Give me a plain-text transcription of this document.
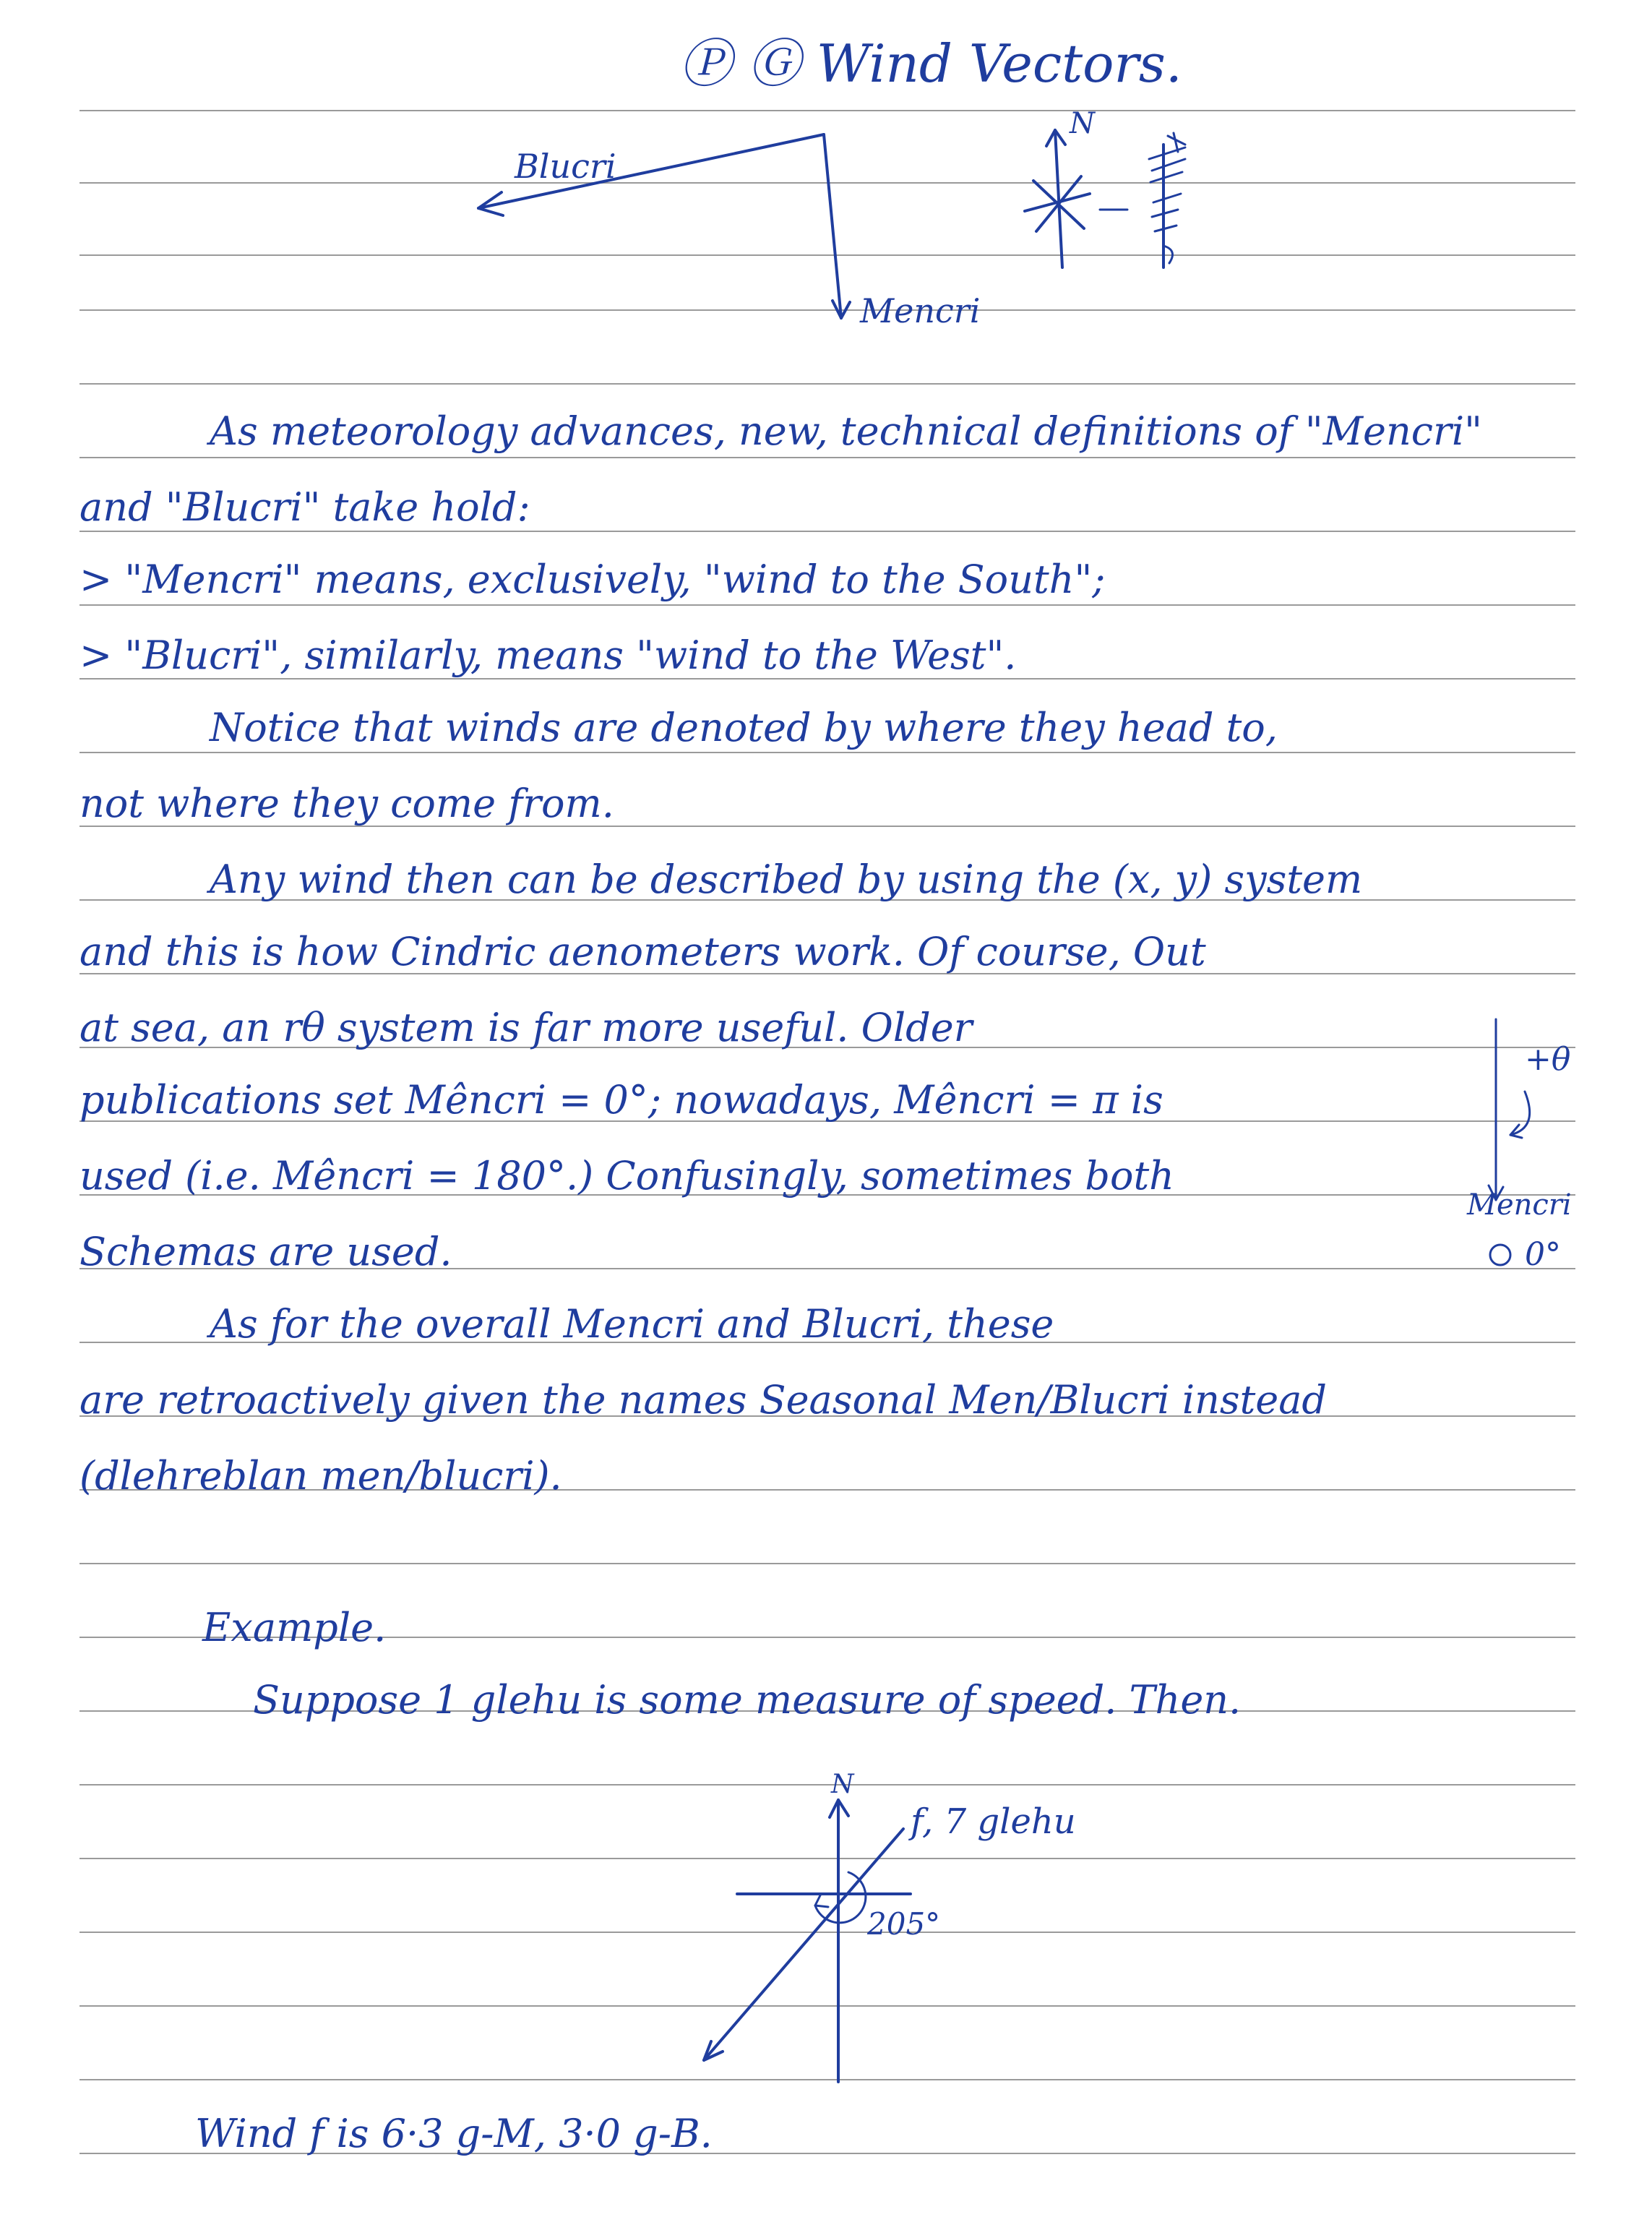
Ⓟ Ⓖ Wind Vectors.
Blucri
Mencri
N
As meteorology advances, new, technical definitions of "Mencri"
and "Blucri" take hold:
> "Mencri" means, exclusively, "wind to the South";
> "Blucri", similarly, means "wind to the West".
Notice that winds are denoted by where they head to,
not where they come from.
Any wind then can be described by using the (x, y) system
and this is how Cindric aenometers work. Of course, Out
at sea, an rθ system is far more useful. Older
publications set Mêncri = 0°; nowadays, Mêncri = π is
used (i.e. Mêncri = 180°.) Confusingly, sometimes both
Schemas are used.
+θ
Mencri
0°
As for the overall Mencri and Blucri, these
are retroactively given the names Seasonal Men/Blucri instead
(dlehreblan men/blucri).
Example.
Suppose 1 glehu is some measure of speed. Then.
N
f, 7 glehu
205°
Wind f is 6·3 g-M, 3·0 g-B.
